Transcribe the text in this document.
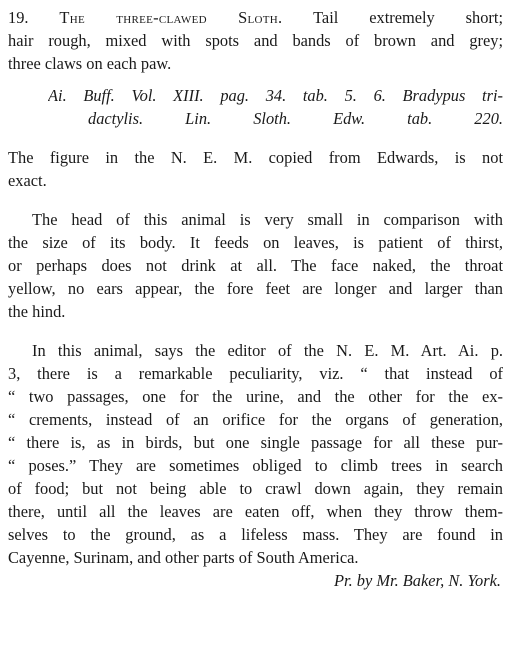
19. The three-clawed Sloth. Tail extremely short;
hair rough, mixed with spots and bands of brown and grey;
three claws on each paw.
Ai. Buff. Vol. XIII. pag. 34. tab. 5. 6. Bradypus tri-
dactylis. Lin. Sloth. Edw. tab. 220.
The figure in the N. E. M. copied from Edwards, is not
exact.
The head of this animal is very small in comparison with
the size of its body. It feeds on leaves, is patient of thirst,
or perhaps does not drink at all. The face naked, the throat
yellow, no ears appear, the fore feet are longer and larger than
the hind.
In this animal, says the editor of the N. E. M. Art. Ai. p.
3, there is a remarkable peculiarity, viz. “ that instead of
“ two passages, one for the urine, and the other for the ex-
“ crements, instead of an orifice for the organs of generation,
“ there is, as in birds, but one single passage for all these pur-
“ poses.” They are sometimes obliged to climb trees in search
of food; but not being able to crawl down again, they remain
there, until all the leaves are eaten off, when they throw them-
selves to the ground, as a lifeless mass. They are found in
Cayenne, Surinam, and other parts of South America.
Pr. by Mr. Baker, N. York.
